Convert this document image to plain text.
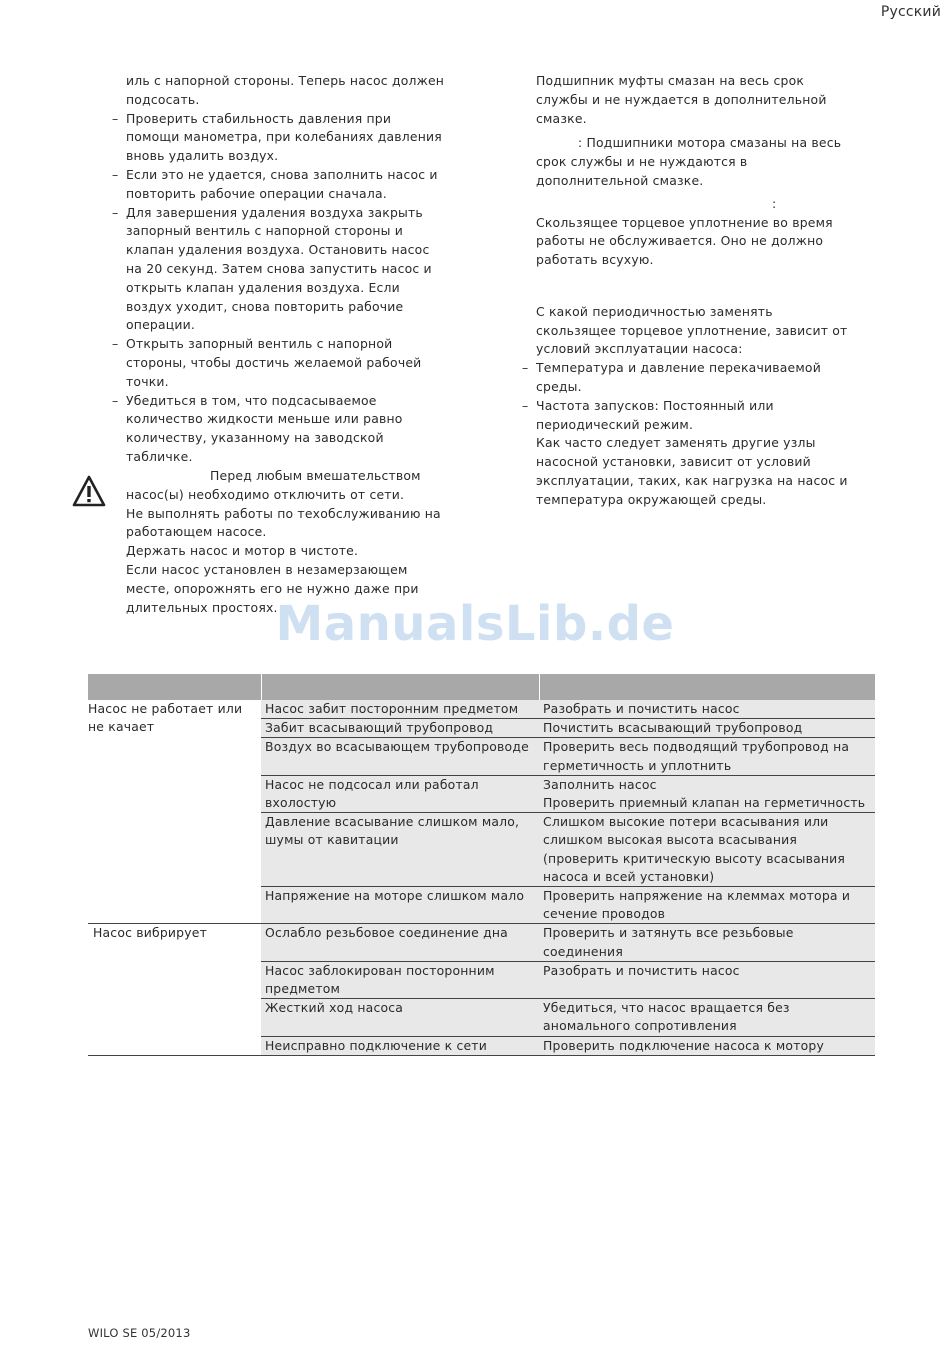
Русский

иль с напорной стороны. Теперь насос должен подсосать.

– Проверить стабильность давления при помощи манометра, при колебаниях давления вновь удалить воздух.
– Если это не удается, снова заполнить насос и повторить рабочие операции сначала.
– Для завершения удаления воздуха закрыть запорный вентиль с напорной стороны и клапан удаления воздуха. Остановить насос на 20 секунд. Затем снова запустить насос и открыть клапан удаления воздуха. Если воздух уходит, снова повторить рабочие операции.
– Открыть запорный вентиль с напорной стороны, чтобы достичь желаемой рабочей точки.
– Убедиться в том, что подсасываемое количество жидкости меньше или равно количеству, указанному на заводской табличке.

Перед любым вмешательством насос(ы) необходимо отключить от сети.

Не выполнять работы по техобслуживанию на работающем насосе.

Держать насос и мотор в чистоте.

Если насос установлен в незамерзающем месте, опорожнять его не нужно даже при длительных простоях.

Подшипник муфты смазан на весь срок службы и не нуждается в дополнительной смазке.

: Подшипники мотора смазаны на весь срок службы и не нуждаются в дополнительной смазке.

:

Скользящее торцевое уплотнение во время работы не обслуживается. Оно не должно работать всухую.

С какой периодичностью заменять скользящее торцевое уплотнение, зависит от условий эксплуатации насоса:

– Температура и давление перекачиваемой среды.
– Частота запусков: Постоянный или периодический режим.

Как часто следует заменять другие узлы насосной установки, зависит от условий эксплуатации, таких, как нагрузка на насос и температура окружающей среды.

ManualsLib.de

Насос не работает или не качает	Насос забит посторонним предметом	Разобрать и почистить насос
	Забит всасывающий трубопровод	Почистить всасывающий трубопровод
	Воздух во всасывающем трубопроводе	Проверить весь подводящий трубопровод на герметичность и уплотнить
	Насос не подсосал или работал вхолостую	Заполнить насос
Проверить приемный клапан на герметичность
	Давление всасывание слишком мало, шумы от кавитации	Слишком высокие потери всасывания или слишком высокая высота всасывания (проверить критическую высоту всасывания насоса и всей установки)
	Напряжение на моторе слишком мало	Проверить напряжение на клеммах мотора и сечение проводов
Насос вибрирует	Ослабло резьбовое соединение дна	Проверить и затянуть все резьбовые соединения
	Насос заблокирован посторонним предметом	Разобрать и почистить насос
	Жесткий ход насоса	Убедиться, что насос вращается без аномального сопротивления
	Неисправно подключение к сети	Проверить подключение насоса к мотору
WILO SE 05/2013
